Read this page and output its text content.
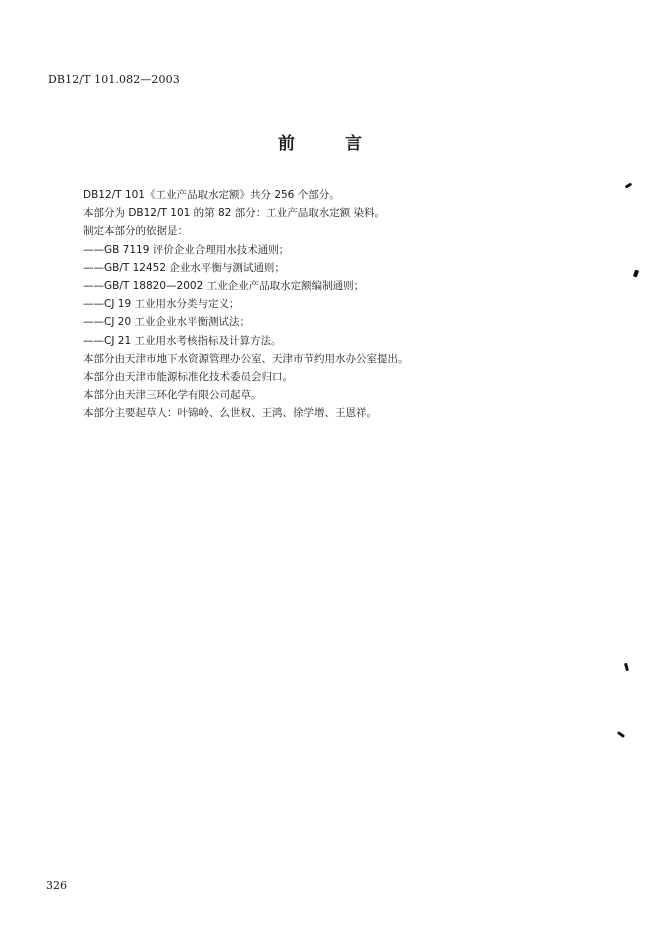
DB12/T 101.082—2003
前 言
DB12/T 101《工业产品取水定额》共分 256 个部分。
本部分为 DB12/T 101 的第 82 部分：工业产品取水定额 染料。
制定本部分的依据是：
——GB 7119 评价企业合理用水技术通则；
——GB/T 12452 企业水平衡与测试通则；
——GB/T 18820—2002 工业企业产品取水定额编制通则；
——CJ 19 工业用水分类与定义；
——CJ 20 工业企业水平衡测试法；
——CJ 21 工业用水考核指标及计算方法。
本部分由天津市地下水资源管理办公室、天津市节约用水办公室提出。
本部分由天津市能源标准化技术委员会归口。
本部分由天津三环化学有限公司起草。
本部分主要起草人：叶锦岭、么世权、王鸿、徐学增、王恩祥。
326
